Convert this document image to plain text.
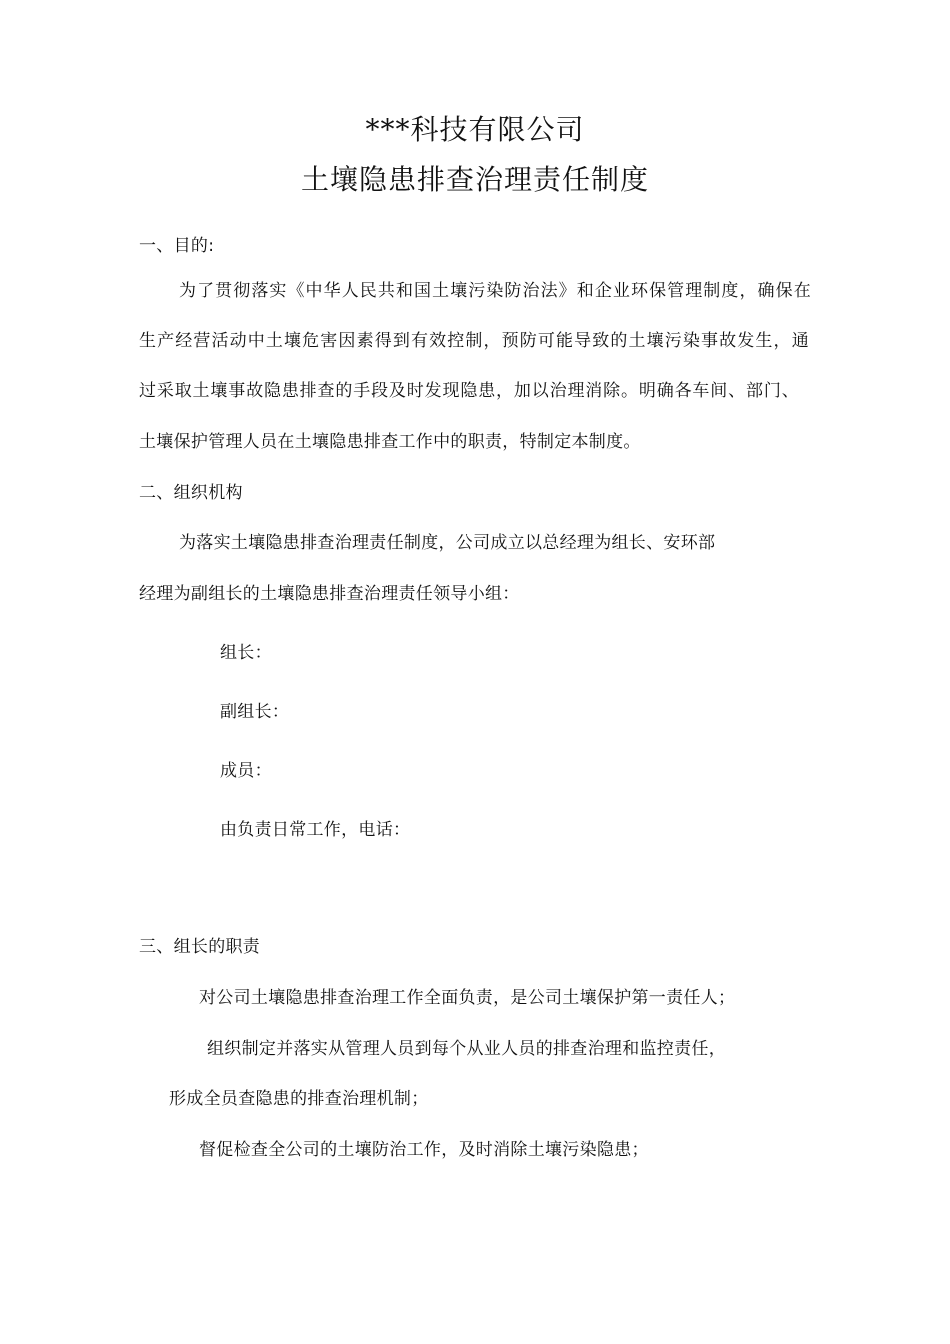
***科技有限公司
土壤隐患排查治理责任制度
一、目的:
为了贯彻落实《中华人民共和国土壤污染防治法》和企业环保管理制度，确保在
生产经营活动中土壤危害因素得到有效控制，预防可能导致的土壤污染事故发生，通
过采取土壤事故隐患排查的手段及时发现隐患，加以治理消除。明确各车间、部门、
土壤保护管理人员在土壤隐患排查工作中的职责，特制定本制度。
二、组织机构
为落实土壤隐患排查治理责任制度，公司成立以总经理为组长、安环部
经理为副组长的土壤隐患排查治理责任领导小组：
组长：
副组长：
成员：
由负责日常工作，电话：
三、组长的职责
对公司土壤隐患排查治理工作全面负责，是公司土壤保护第一责任人；
组织制定并落实从管理人员到每个从业人员的排查治理和监控责任，
形成全员查隐患的排查治理机制；
督促检查全公司的土壤防治工作，及时消除土壤污染隐患；
